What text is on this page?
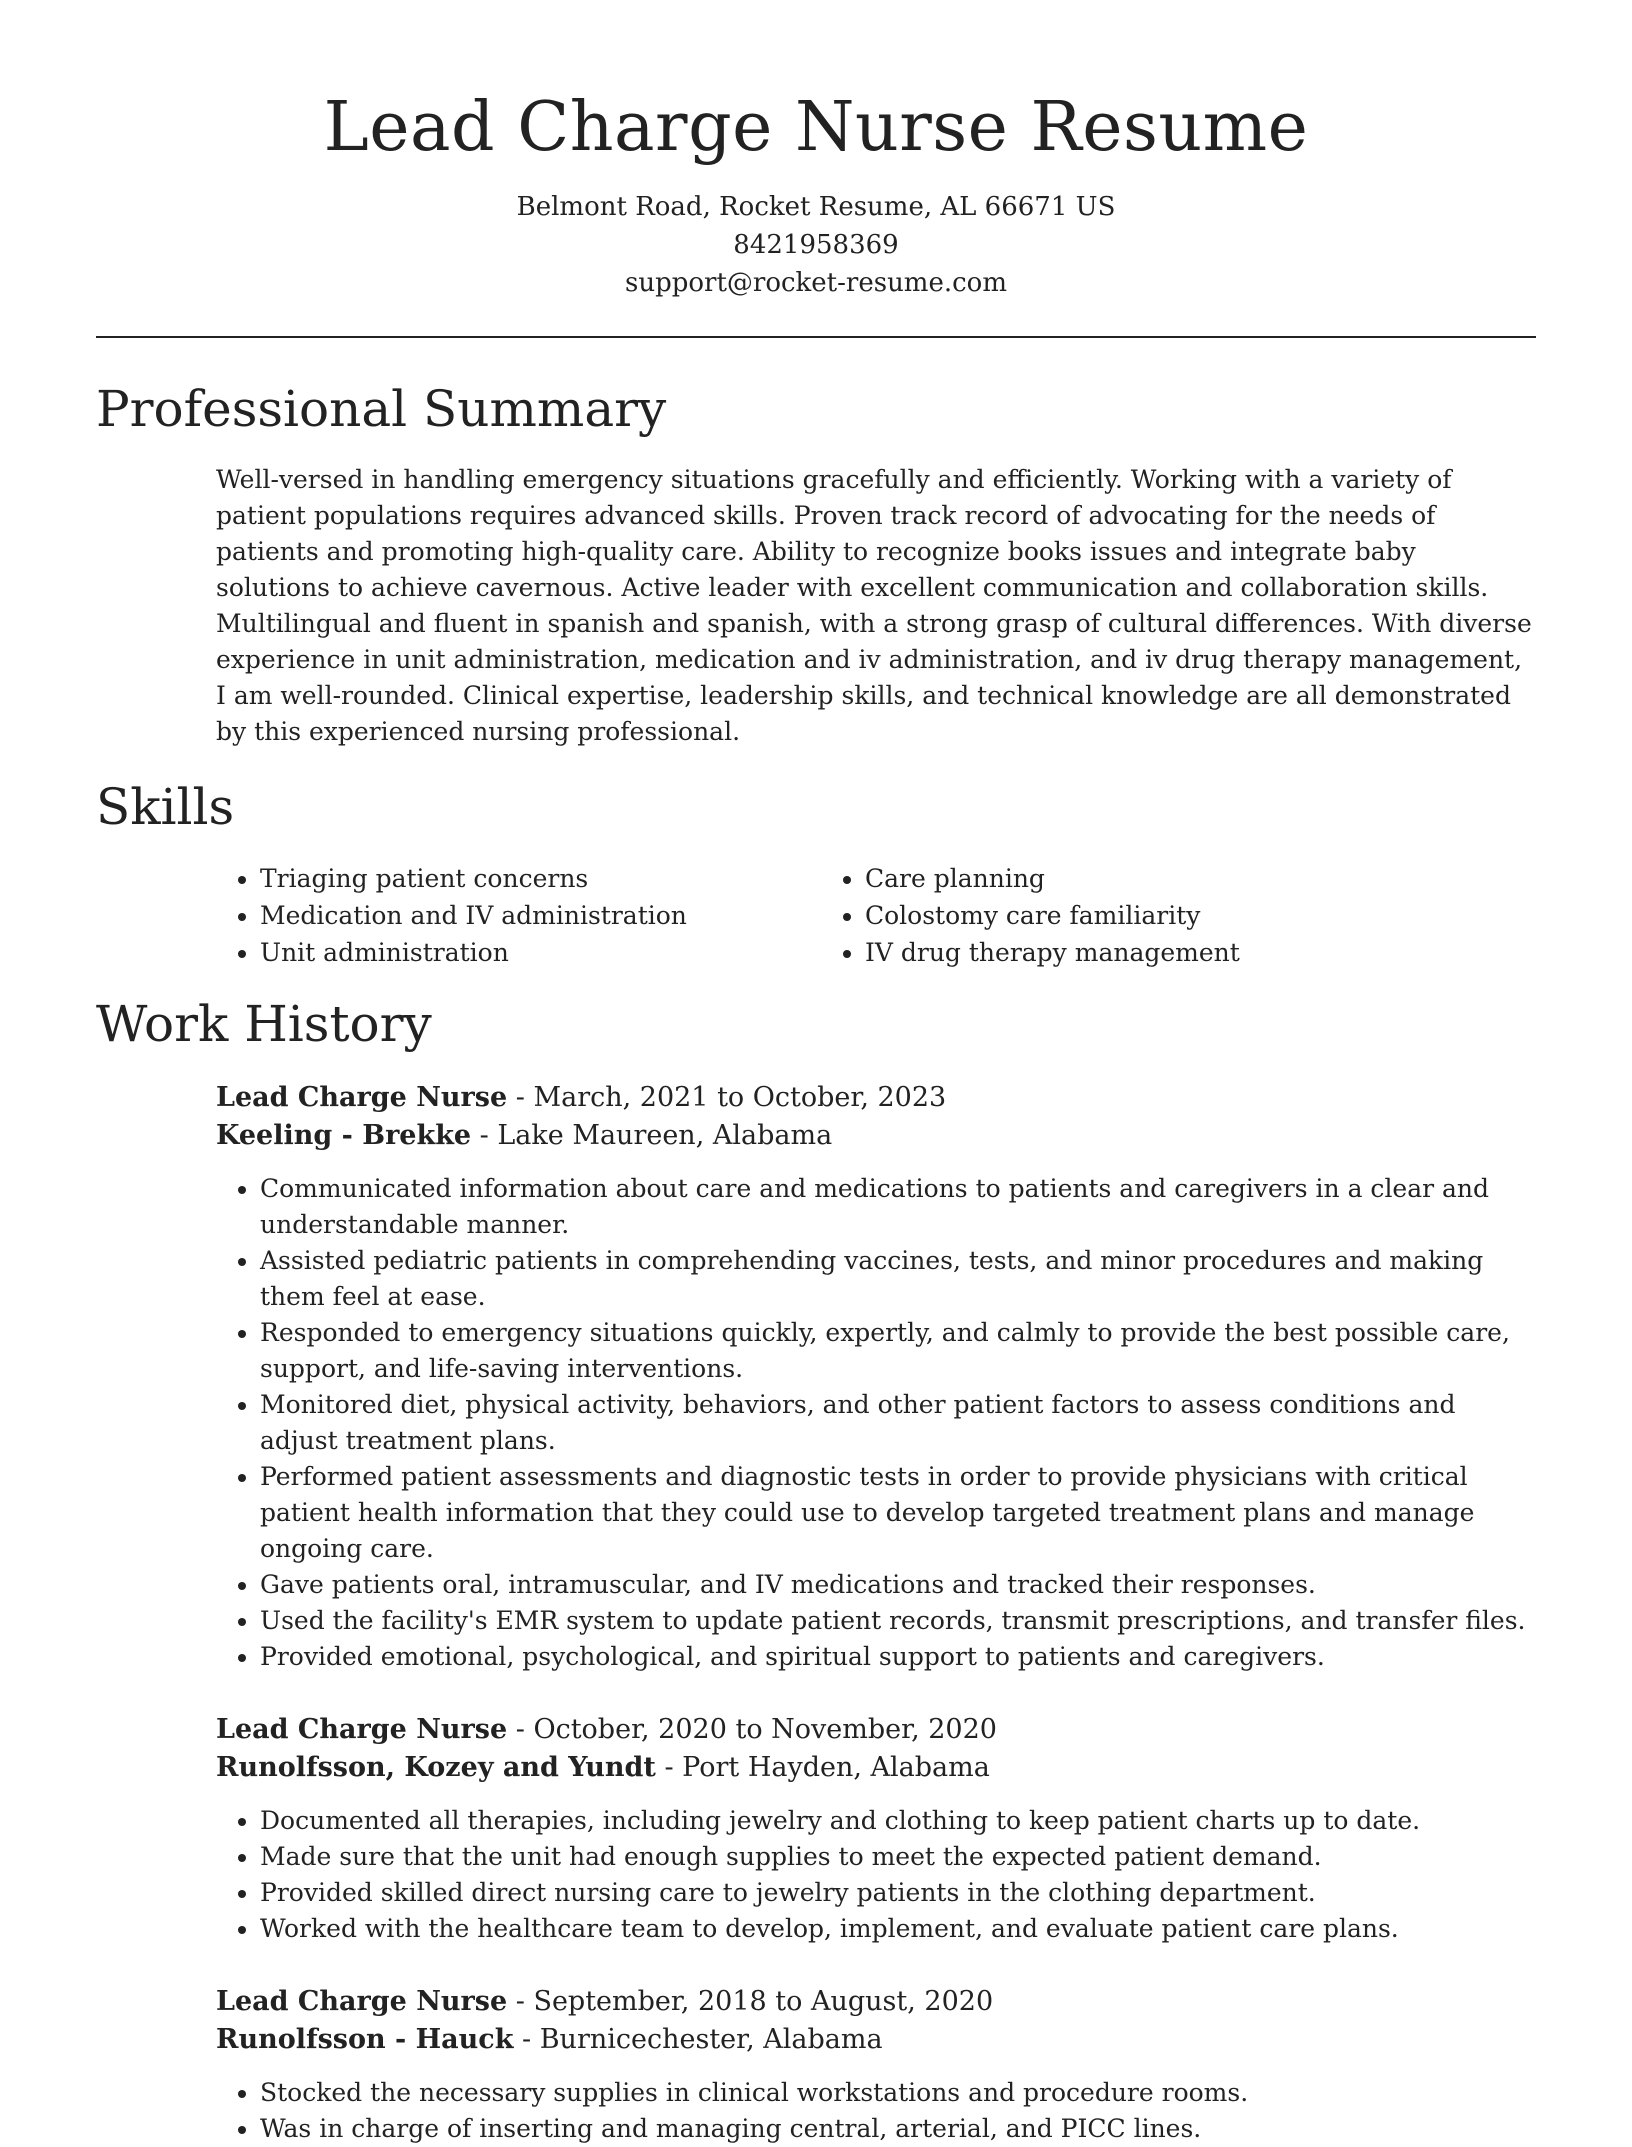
Lead Charge Nurse Resume
Belmont Road, Rocket Resume, AL 66671 US
8421958369
support@rocket-resume.com
Professional Summary
Well-versed in handling emergency situations gracefully and efficiently. Working with a variety of patient populations requires advanced skills. Proven track record of advocating for the needs of patients and promoting high-quality care. Ability to recognize books issues and integrate baby solutions to achieve cavernous. Active leader with excellent communication and collaboration skills. Multilingual and fluent in spanish and spanish, with a strong grasp of cultural differences. With diverse experience in unit administration, medication and iv administration, and iv drug therapy management, I am well-rounded. Clinical expertise, leadership skills, and technical knowledge are all demonstrated by this experienced nursing professional.
Skills
• Triaging patient concerns
• Medication and IV administration
• Unit administration
• Care planning
• Colostomy care familiarity
• IV drug therapy management
Work History
Lead Charge Nurse - March, 2021 to October, 2023
Keeling - Brekke - Lake Maureen, Alabama
• Communicated information about care and medications to patients and caregivers in a clear and understandable manner.
• Assisted pediatric patients in comprehending vaccines, tests, and minor procedures and making them feel at ease.
• Responded to emergency situations quickly, expertly, and calmly to provide the best possible care, support, and life-saving interventions.
• Monitored diet, physical activity, behaviors, and other patient factors to assess conditions and adjust treatment plans.
• Performed patient assessments and diagnostic tests in order to provide physicians with critical patient health information that they could use to develop targeted treatment plans and manage ongoing care.
• Gave patients oral, intramuscular, and IV medications and tracked their responses.
• Used the facility's EMR system to update patient records, transmit prescriptions, and transfer files.
• Provided emotional, psychological, and spiritual support to patients and caregivers.
Lead Charge Nurse - October, 2020 to November, 2020
Runolfsson, Kozey and Yundt - Port Hayden, Alabama
• Documented all therapies, including jewelry and clothing to keep patient charts up to date.
• Made sure that the unit had enough supplies to meet the expected patient demand.
• Provided skilled direct nursing care to jewelry patients in the clothing department.
• Worked with the healthcare team to develop, implement, and evaluate patient care plans.
Lead Charge Nurse - September, 2018 to August, 2020
Runolfsson - Hauck - Burnicechester, Alabama
• Stocked the necessary supplies in clinical workstations and procedure rooms.
• Was in charge of inserting and managing central, arterial, and PICC lines.
